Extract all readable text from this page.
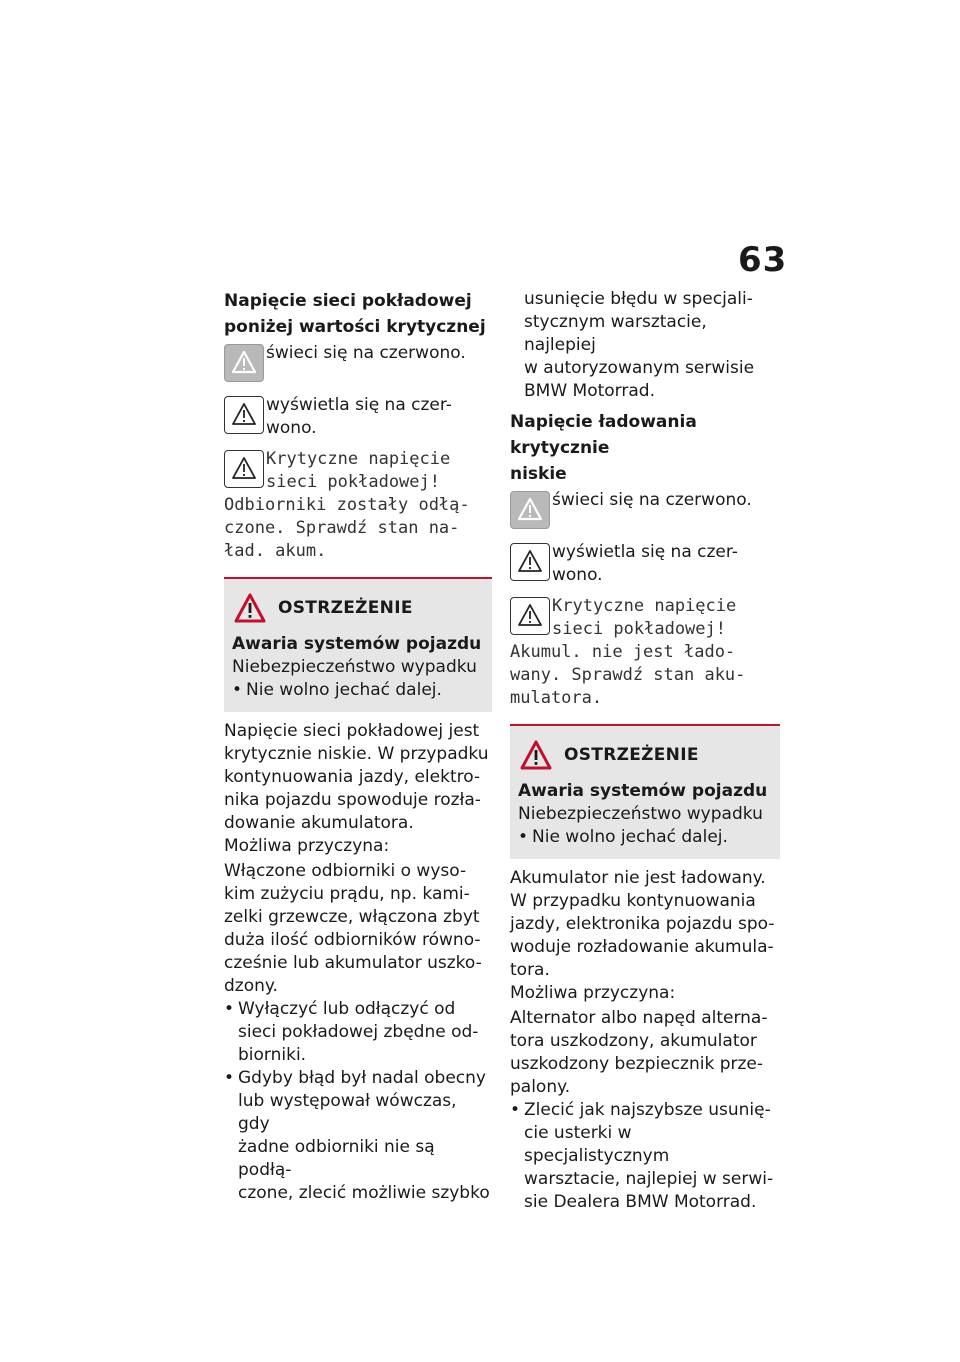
63
Napięcie sieci pokładowej
poniżej wartości krytycznej
świeci się na czerwono.
wyświetla się na czer-
wono.
Krytyczne napięcie
sieci pokładowej!
Odbiorniki zostały odłą-
czone. Sprawdź stan na-
ład. akum.
OSTRZEŻENIE
Awaria systemów pojazdu
Niebezpieczeństwo wypadku
• Nie wolno jechać dalej.
Napięcie sieci pokładowej jest
krytycznie niskie. W przypadku
kontynuowania jazdy, elektro-
nika pojazdu spowoduje rozła-
dowanie akumulatora.
Możliwa przyczyna:
Włączone odbiorniki o wyso-
kim zużyciu prądu, np. kami-
zelki grzewcze, włączona zbyt
duża ilość odbiorników równo-
cześnie lub akumulator uszko-
dzony.
• Wyłączyć lub odłączyć od
sieci pokładowej zbędne od-
biorniki.
• Gdyby błąd był nadal obecny
lub występował wówczas, gdy
żadne odbiorniki nie są podłą-
czone, zlecić możliwie szybko
usunięcie błędu w specjali-
stycznym warsztacie, najlepiej
w autoryzowanym serwisie
BMW Motorrad.
Napięcie ładowania krytycznie
niskie
świeci się na czerwono.
wyświetla się na czer-
wono.
Krytyczne napięcie
sieci pokładowej!
Akumul. nie jest łado-
wany. Sprawdź stan aku-
mulatora.
OSTRZEŻENIE
Awaria systemów pojazdu
Niebezpieczeństwo wypadku
• Nie wolno jechać dalej.
Akumulator nie jest ładowany.
W przypadku kontynuowania
jazdy, elektronika pojazdu spo-
woduje rozładowanie akumula-
tora.
Możliwa przyczyna:
Alternator albo napęd alterna-
tora uszkodzony, akumulator
uszkodzony bezpiecznik prze-
palony.
• Zlecić jak najszybsze usunię-
cie usterki w specjalistycznym
warsztacie, najlepiej w serwi-
sie Dealera BMW Motorrad.
